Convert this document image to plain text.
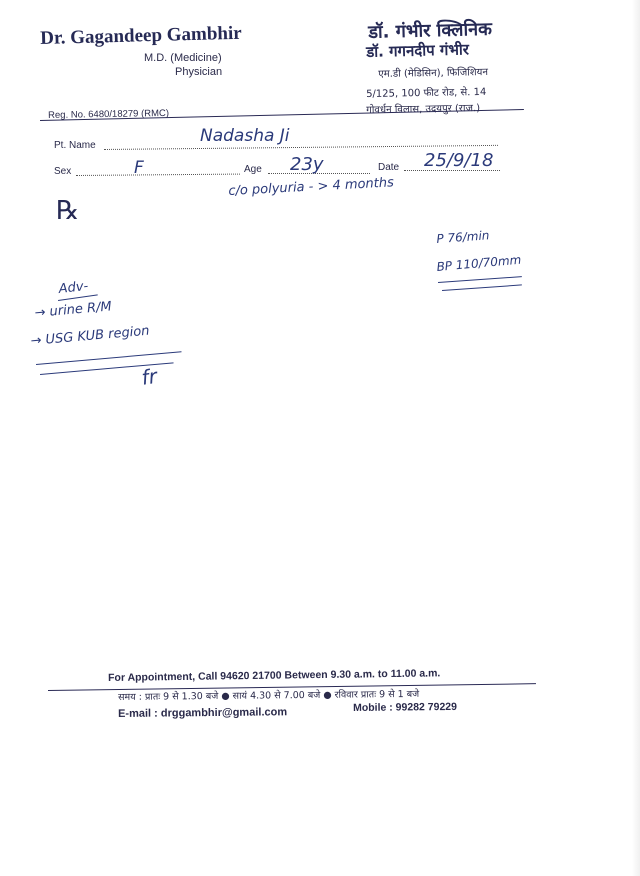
Dr. Gagandeep Gambhir
M.D. (Medicine)
Physician
डॉ. गंभीर क्लिनिक
डॉ. गगनदीप गंभीर
एम.डी (मेडिसिन), फिजिशियन
5/125, 100 फीट रोड, से. 14
गोवर्धन विलास, उदयपुर (राज.)
Reg. No. 6480/18279 (RMC)
Pt. Name	Nadasha Ji
Sex	F	Age 23y	Date 25/9/18
c/o polyuria - > 4 months
℞
P 76/min
BP 110/70mm
Adv-
→ urine R/M
→ USG KUB region
fr
For Appointment, Call 94620 21700 Between 9.30 a.m. to 11.00 a.m.
समय : प्रातः 9 से 1.30 बजे ● सायं 4.30 से 7.00 बजे ● रविवार प्रातः 9 से 1 बजे
E-mail : drggambhir@gmail.com	Mobile : 99282 79229
